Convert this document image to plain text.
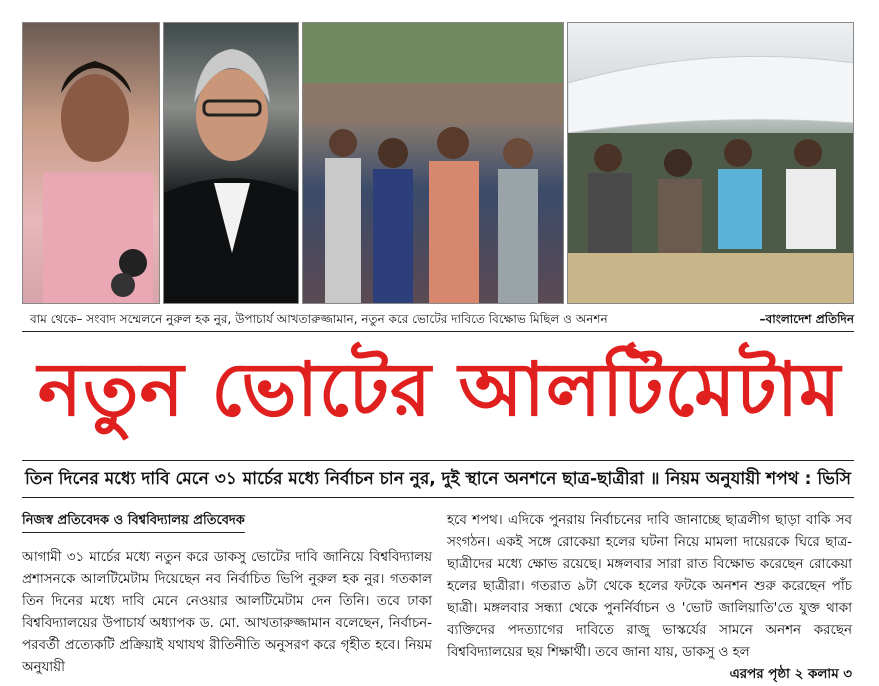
বাম থেকে– সংবাদ সম্মেলনে নুরুল হক নুর, উপাচার্য আখতারুজ্জামান, নতুন করে ভোটের দাবিতে বিক্ষোভ মিছিল ও অনশন	–বাংলাদেশ প্রতিদিন
নতুন ভোটের আলটিমেটাম
তিন দিনের মধ্যে দাবি মেনে ৩১ মার্চের মধ্যে নির্বাচন চান নুর, দুই স্থানে অনশনে ছাত্র-ছাত্রীরা ॥ নিয়ম অনুযায়ী শপথ : ভিসি
নিজস্ব প্রতিবেদক ও বিশ্ববিদ্যালয় প্রতিবেদক

আগামী ৩১ মার্চের মধ্যে নতুন করে ডাকসু ভোটের দাবি জানিয়ে বিশ্ববিদ্যালয় প্রশাসনকে আলটিমেটাম দিয়েছেন নব নির্বাচিত ভিপি নুরুল হক নুর। গতকাল তিন দিনের মধ্যে দাবি মেনে নেওয়ার আলটিমেটাম দেন তিনি। তবে ঢাকা বিশ্ববিদ্যালয়ের উপাচার্য অধ্যাপক ড. মো. আখতারুজ্জামান বলেছেন, নির্বাচন-পরবর্তী প্রত্যেকটি প্রক্রিয়াই যথাযথ রীতিনীতি অনুসরণ করে গৃহীত হবে। নিয়ম অনুযায়ী

হবে শপথ। এদিকে পুনরায় নির্বাচনের দাবি জানাচ্ছে ছাত্রলীগ ছাড়া বাকি সব সংগঠন। একই সঙ্গে রোকেয়া হলের ঘটনা নিয়ে মামলা দায়েরকে ঘিরে ছাত্র-ছাত্রীদের মধ্যে ক্ষোভ রয়েছে। মঙ্গলবার সারা রাত বিক্ষোভ করেছেন রোকেয়া হলের ছাত্রীরা। গতরাত ৯টা থেকে হলের ফটকে অনশন শুরু করেছেন পাঁচ ছাত্রী। মঙ্গলবার সন্ধ্যা থেকে পুনর্নির্বাচন ও 'ভোট জালিয়াতি'তে যুক্ত থাকা ব্যক্তিদের পদত্যাগের দাবিতে রাজু ভাস্কর্যের সামনে অনশন করছেন বিশ্ববিদ্যালয়ের ছয় শিক্ষার্থী। তবে জানা যায়, ডাকসু ও হল
এরপর পৃষ্ঠা ২ কলাম ৩
